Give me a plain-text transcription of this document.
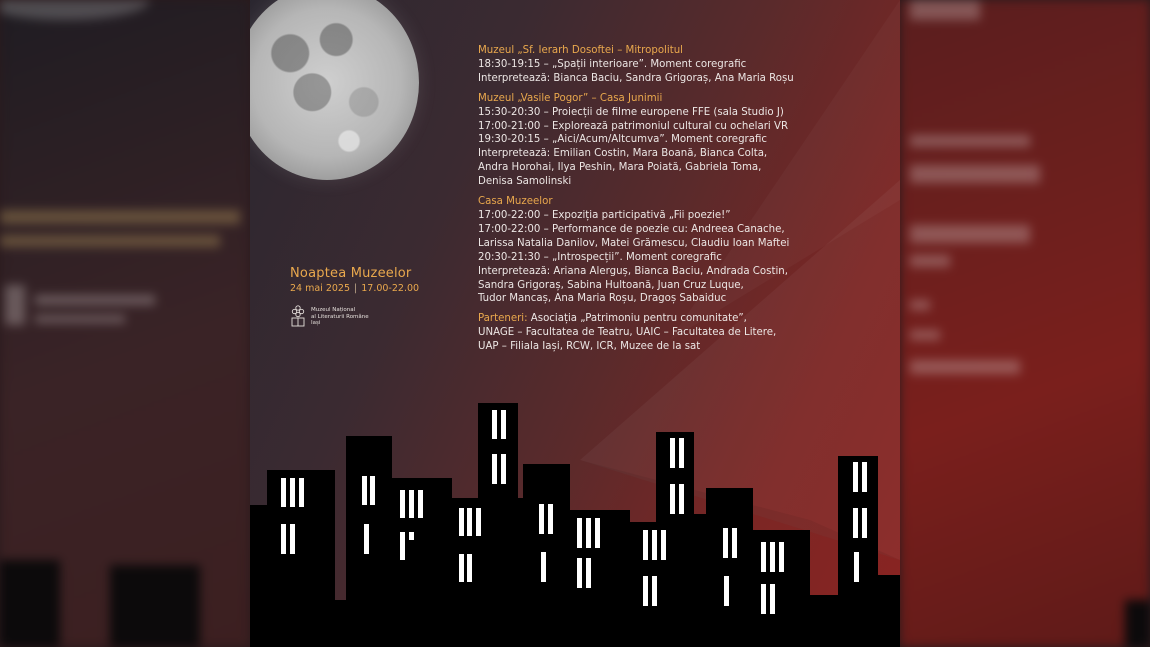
Noaptea Muzeelor
24 mai 2025 | 17.00-22.00
Muzeul Național
al Literaturii Române
Iași
Muzeul „Sf. Ierarh Dosoftei – Mitropolitul
18:30-19:15 – „Spații interioare”. Moment coregrafic
Interpretează: Bianca Baciu, Sandra Grigoraș, Ana Maria Roșu
Muzeul „Vasile Pogor” – Casa Junimii
15:30-20:30 – Proiecții de filme europene FFE (sala Studio J)
17:00-21:00 – Explorează patrimoniul cultural cu ochelari VR
19:30-20:15 – „Aici/Acum/Altcumva”. Moment coregrafic
Interpretează: Emilian Costin, Mara Boană, Bianca Colta,
Andra Horohai, Ilya Peshin, Mara Poiată, Gabriela Toma,
Denisa Samolinski
Casa Muzeelor
17:00-22:00 – Expoziția participativă „Fii poezie!”
17:00-22:00 – Performance de poezie cu: Andreea Canache,
Larissa Natalia Danilov, Matei Grămescu, Claudiu Ioan Maftei
20:30-21:30 – „Introspecții”. Moment coregrafic
Interpretează: Ariana Alerguș, Bianca Baciu, Andrada Costin,
Sandra Grigoraș, Sabina Hultoană, Juan Cruz Luque,
Tudor Mancaș, Ana Maria Roșu, Dragoș Sabaiduc
Parteneri: Asociația „Patrimoniu pentru comunitate”,
UNAGE – Facultatea de Teatru, UAIC – Facultatea de Litere,
UAP – Filiala Iași, RCW, ICR, Muzee de la sat
